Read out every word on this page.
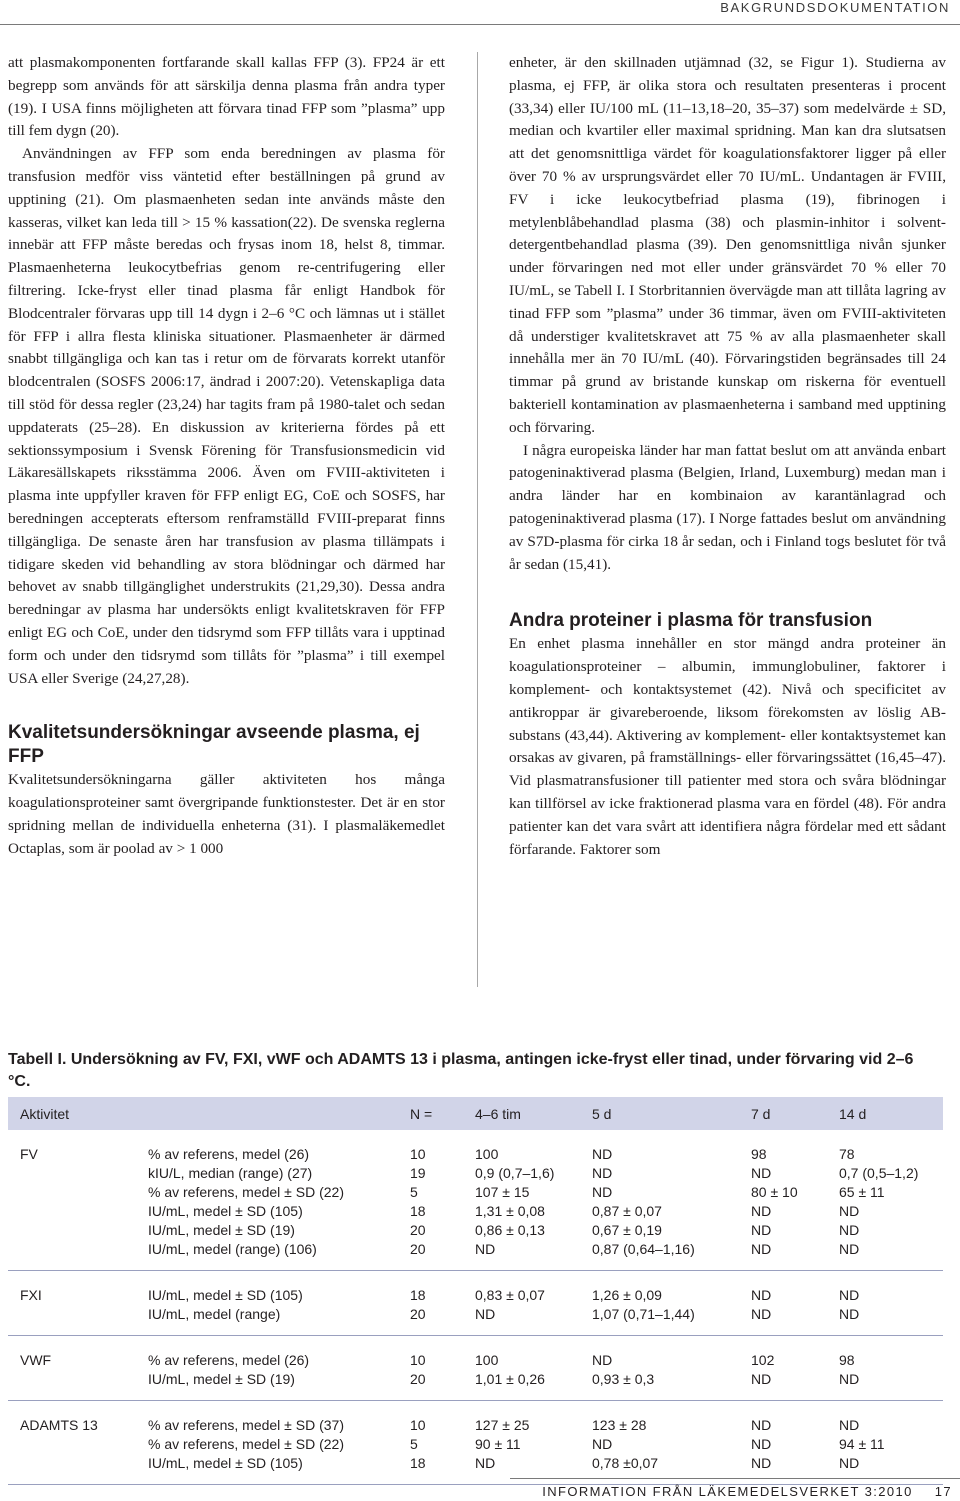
BAKGRUNDSDOKUMENTATION

att plasmakomponenten fortfarande skall kallas FFP (3). FP24 är ett begrepp som används för att särskilja denna plasma från andra typer (19). I USA finns möjligheten att förvara tinad FFP som ”plasma” upp till fem dygn (20).

Användningen av FFP som enda beredningen av plasma för transfusion medför viss väntetid efter beställningen på grund av upptining (21). Om plasmaenheten sedan inte används måste den kasseras, vilket kan leda till > 15 % kassation(22). De svenska reglerna innebär att FFP måste beredas och frysas inom 18, helst 8, timmar. Plasmaenheterna leukocytbefrias genom re-centrifugering eller filtrering. Icke-fryst eller tinad plasma får enligt Handbok för Blodcentraler förvaras upp till 14 dygn i 2–6 °C och lämnas ut i stället för FFP i allra flesta kliniska situationer. Plasmaenheter är därmed snabbt tillgängliga och kan tas i retur om de förvarats korrekt utanför blodcentralen (SOSFS 2006:17, ändrad i 2007:20). Vetenskapliga data till stöd för dessa regler (23,24) har tagits fram på 1980-talet och sedan uppdaterats (25–28). En diskussion av kriterierna fördes på ett sektionssymposium i Svensk Förening för Transfusionsmedicin vid Läkaresällskapets riksstämma 2006. Även om FVIII-aktiviteten i plasma inte uppfyller kraven för FFP enligt EG, CoE och SOSFS, har beredningen accepterats eftersom renframställd FVIII-preparat finns tillgängliga. De senaste åren har transfusion av plasma tillämpats i tidigare skeden vid behandling av stora blödningar och därmed har behovet av snabb tillgänglighet understrukits (21,29,30). Dessa andra beredningar av plasma har undersökts enligt kvalitetskraven för FFP enligt EG och CoE, under den tidsrymd som FFP tillåts vara i upptinad form och under den tidsrymd som tillåts för ”plasma” i till exempel USA eller Sverige (24,27,28).

Kvalitetsundersökningar avseende plasma, ej FFP

Kvalitetsundersökningarna gäller aktiviteten hos många koagulationsproteiner samt övergripande funktionstester. Det är en stor spridning mellan de individuella enheterna (31). I plasmaläkemedlet Octaplas, som är poolad av > 1 000

enheter, är den skillnaden utjämnad (32, se Figur 1). Studierna av plasma, ej FFP, är olika stora och resultaten presenteras i procent (33,34) eller IU/100 mL (11–13,18–20, 35–37) som medelvärde ± SD, median och kvartiler eller maximal spridning. Man kan dra slutsatsen att det genomsnittliga värdet för koagulationsfaktorer ligger på eller över 70 % av ursprungsvärdet eller 70 IU/mL. Undantagen är FVIII, FV i icke leukocytbefriad plasma (19), fibrinogen i metylenblåbehandlad plasma (38) och plasmin-inhitor i solvent-detergentbehandlad plasma (39). Den genomsnittliga nivån sjunker under förvaringen ned mot eller under gränsvärdet 70 % eller 70 IU/mL, se Tabell I. I Storbritannien övervägde man att tillåta lagring av tinad FFP som ”plasma” under 36 timmar, även om FVIII-aktiviteten då understiger kvalitetskravet att 75 % av alla plasmaenheter skall innehålla mer än 70 IU/mL (40). Förvaringstiden begränsades till 24 timmar på grund av bristande kunskap om riskerna för eventuell bakteriell kontamination av plasmaenheterna i samband med upptining och förvaring.

I några europeiska länder har man fattat beslut om att använda enbart patogeninaktiverad plasma (Belgien, Irland, Luxemburg) medan man i andra länder har en kombinaion av karantänlagrad och patogeninaktiverad plasma (17). I Norge fattades beslut om användning av S7D-plasma för cirka 18 år sedan, och i Finland togs beslutet för två år sedan (15,41).

Andra proteiner i plasma för transfusion

En enhet plasma innehåller en stor mängd andra proteiner än koagulationsproteiner – albumin, immunglobuliner, faktorer i komplement- och kontaktsystemet (42). Nivå och specificitet av antikroppar är givareberoende, liksom förekomsten av löslig AB-substans (43,44). Aktivering av komplement- eller kontaktsystemet kan orsakas av givaren, på framställnings- eller förvaringssättet (16,45–47). Vid plasmatransfusioner till patienter med stora och svåra blödningar kan tillförsel av icke fraktionerad plasma vara en fördel (48). För andra patienter kan det vara svårt att identifiera några fördelar med ett sådant förfarande. Faktorer som

Tabell I. Undersökning av FV, FXI, vWF och ADAMTS 13 i plasma, antingen icke-fryst eller tinad, under förvaring vid 2–6 °C.
Aktivitet		N =	4–6 tim	5 d	7 d	14 d
FV	% av referens, medel (26)	10	100	ND	98	78
	kIU/L, median (range) (27)	19	0,9 (0,7–1,6)	ND	ND	0,7 (0,5–1,2)
	% av referens, medel ± SD (22)	5	107 ± 15	ND	80 ± 10	65 ± 11
	IU/mL, medel ± SD (105)	18	1,31 ± 0,08	0,87 ± 0,07	ND	ND
	IU/mL, medel ± SD (19)	20	0,86 ± 0,13	0,67 ± 0,19	ND	ND
	IU/mL, medel (range) (106)	20	ND	0,87 (0,64–1,16)	ND	ND
FXI	IU/mL, medel ± SD (105)	18	0,83 ± 0,07	1,26 ± 0,09	ND	ND
	IU/mL, medel (range)	20	ND	1,07 (0,71–1,44)	ND	ND
VWF	% av referens, medel (26)	10	100	ND	102	98
	IU/mL, medel ± SD (19)	20	1,01 ± 0,26	0,93 ± 0,3	ND	ND
ADAMTS 13	% av referens, medel ± SD (37)	10	127 ± 25	123 ± 28	ND	ND
	% av referens, medel ± SD (22)	5	90 ± 11	ND	ND	94 ± 11
	IU/mL, medel ± SD (105)	18	ND	0,78 ±0,07	ND	ND
INFORMATION FRÅN LÄKEMEDELSVERKET 3:2010 17
